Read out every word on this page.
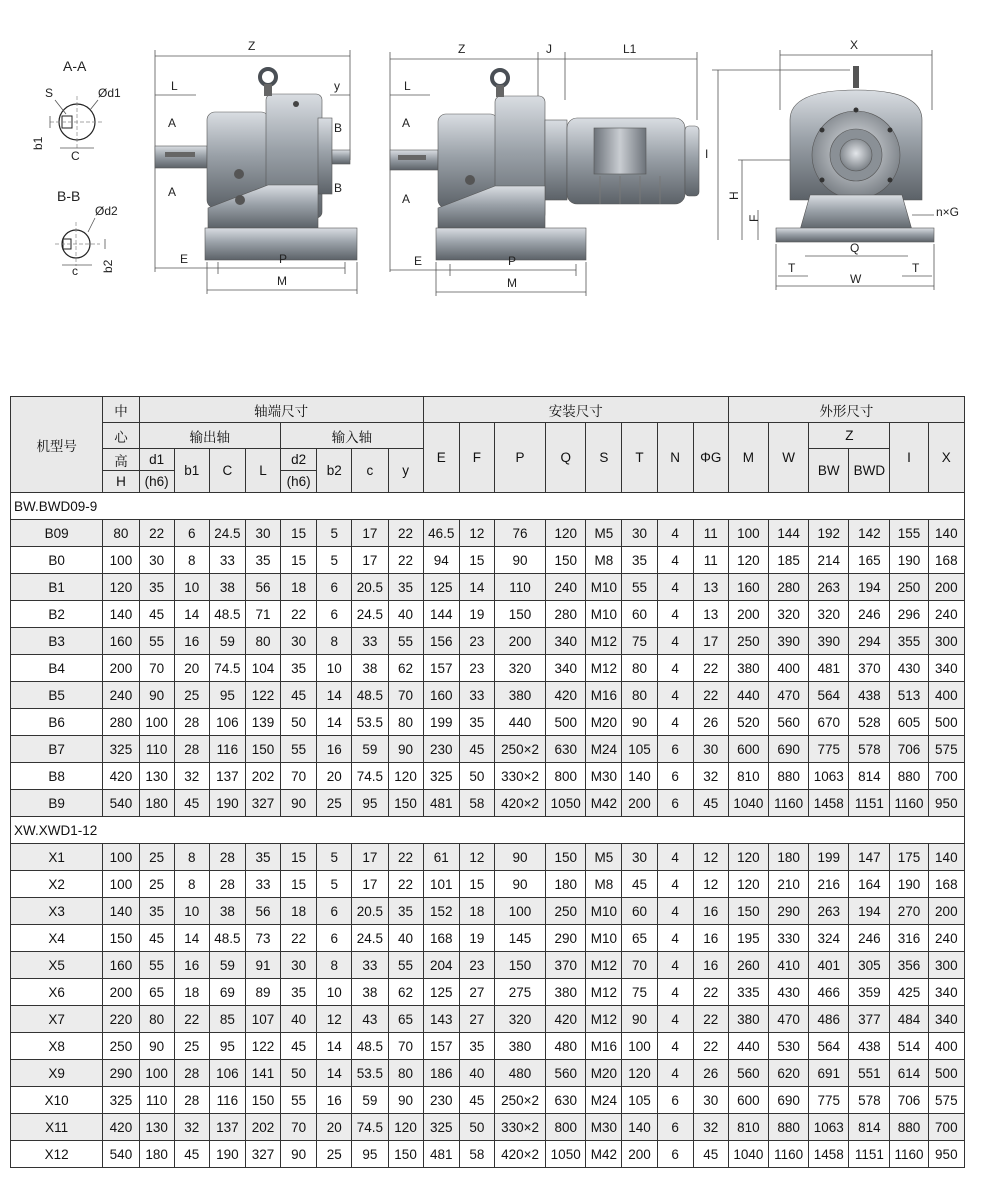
A-A
S	Ød1
b1
C
B-B
Ød2
b2
c
Z
L	y
A
A
B
B
E	P
M
Z	J	L1
L
A
A
E	P
M
X
I
H
F
Q
T	T
W
n×G
机型号	中	轴端尺寸								安装尺寸								外形尺寸					
	心	输出轴				输入轴				E	F	P	Q	S	T	N	ΦG	M	W	Z		I	X
	高	d1	b1	C	L	d2	b2	c	y											BW	BWD		
	H	(h6)				(h6)																	
BW.BWD09-9																							
B09	80	22	6	24.5	30	15	5	17	22	46.5	12	76	120	M5	30	4	11	100	144	192	142	155	140
B0	100	30	8	33	35	15	5	17	22	94	15	90	150	M8	35	4	11	120	185	214	165	190	168
B1	120	35	10	38	56	18	6	20.5	35	125	14	110	240	M10	55	4	13	160	280	263	194	250	200
B2	140	45	14	48.5	71	22	6	24.5	40	144	19	150	280	M10	60	4	13	200	320	320	246	296	240
B3	160	55	16	59	80	30	8	33	55	156	23	200	340	M12	75	4	17	250	390	390	294	355	300
B4	200	70	20	74.5	104	35	10	38	62	157	23	320	340	M12	80	4	22	380	400	481	370	430	340
B5	240	90	25	95	122	45	14	48.5	70	160	33	380	420	M16	80	4	22	440	470	564	438	513	400
B6	280	100	28	106	139	50	14	53.5	80	199	35	440	500	M20	90	4	26	520	560	670	528	605	500
B7	325	110	28	116	150	55	16	59	90	230	45	250×2	630	M24	105	6	30	600	690	775	578	706	575
B8	420	130	32	137	202	70	20	74.5	120	325	50	330×2	800	M30	140	6	32	810	880	1063	814	880	700
B9	540	180	45	190	327	90	25	95	150	481	58	420×2	1050	M42	200	6	45	1040	1160	1458	1151	1160	950
XW.XWD1-12																							
X1	100	25	8	28	35	15	5	17	22	61	12	90	150	M5	30	4	12	120	180	199	147	175	140
X2	100	25	8	28	33	15	5	17	22	101	15	90	180	M8	45	4	12	120	210	216	164	190	168
X3	140	35	10	38	56	18	6	20.5	35	152	18	100	250	M10	60	4	16	150	290	263	194	270	200
X4	150	45	14	48.5	73	22	6	24.5	40	168	19	145	290	M10	65	4	16	195	330	324	246	316	240
X5	160	55	16	59	91	30	8	33	55	204	23	150	370	M12	70	4	16	260	410	401	305	356	300
X6	200	65	18	69	89	35	10	38	62	125	27	275	380	M12	75	4	22	335	430	466	359	425	340
X7	220	80	22	85	107	40	12	43	65	143	27	320	420	M12	90	4	22	380	470	486	377	484	340
X8	250	90	25	95	122	45	14	48.5	70	157	35	380	480	M16	100	4	22	440	530	564	438	514	400
X9	290	100	28	106	141	50	14	53.5	80	186	40	480	560	M20	120	4	26	560	620	691	551	614	500
X10	325	110	28	116	150	55	16	59	90	230	45	250×2	630	M24	105	6	30	600	690	775	578	706	575
X11	420	130	32	137	202	70	20	74.5	120	325	50	330×2	800	M30	140	6	32	810	880	1063	814	880	700
X12	540	180	45	190	327	90	25	95	150	481	58	420×2	1050	M42	200	6	45	1040	1160	1458	1151	1160	950
